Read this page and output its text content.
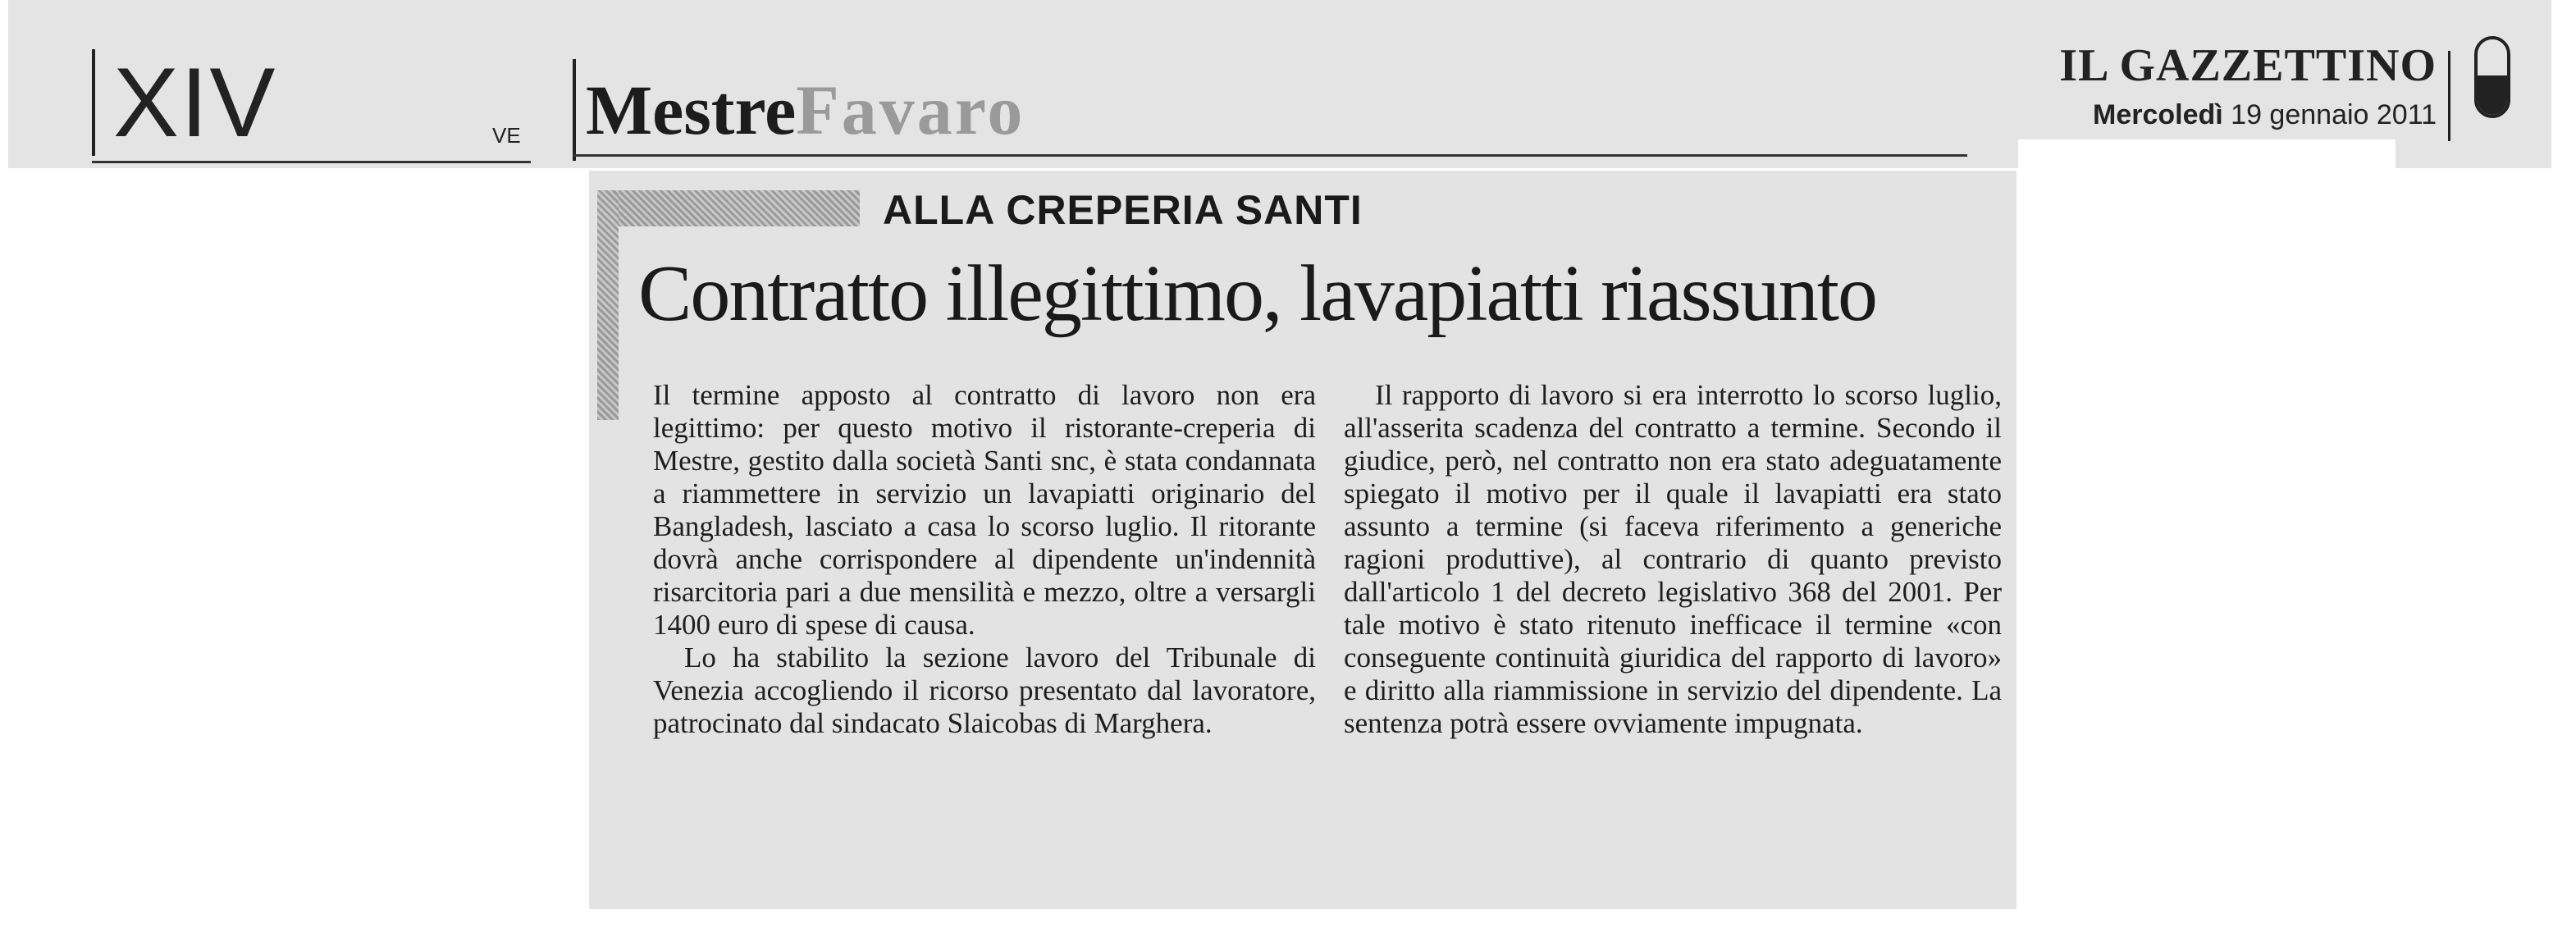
XIV	VE MestreFavaro
IL GAZZETTINO
Mercoledì 19 gennaio 2011
ALLA CREPERIA SANTI
Contratto illegittimo, lavapiatti riassunto

Il termine apposto al contratto di lavoro non era legittimo: per questo motivo il ristorante-creperia di Mestre, gestito dalla società Santi snc, è stata condannata a riammettere in servizio un lavapiatti originario del Bangladesh, lasciato a casa lo scorso luglio. Il ritorante dovrà anche corrispondere al dipendente un'indennità risarcitoria pari a due mensilità e mezzo, oltre a versargli 1400 euro di spese di causa.

Lo ha stabilito la sezione lavoro del Tribunale di Venezia accogliendo il ricorso presentato dal lavoratore, patrocinato dal sindacato Slaicobas di Marghera.

Il rapporto di lavoro si era interrotto lo scorso luglio, all'asserita scadenza del contratto a termine. Secondo il giudice, però, nel contratto non era stato adeguatamente spiegato il motivo per il quale il lavapiatti era stato assunto a termine (si faceva riferimento a generiche ragioni produttive), al contrario di quanto previsto dall'articolo 1 del decreto legislativo 368 del 2001. Per tale motivo è stato ritenuto inefficace il termine «con conseguente continuità giuridica del rapporto di lavoro» e diritto alla riammissione in servizio del dipendente. La sentenza potrà essere ovviamente impugnata.
